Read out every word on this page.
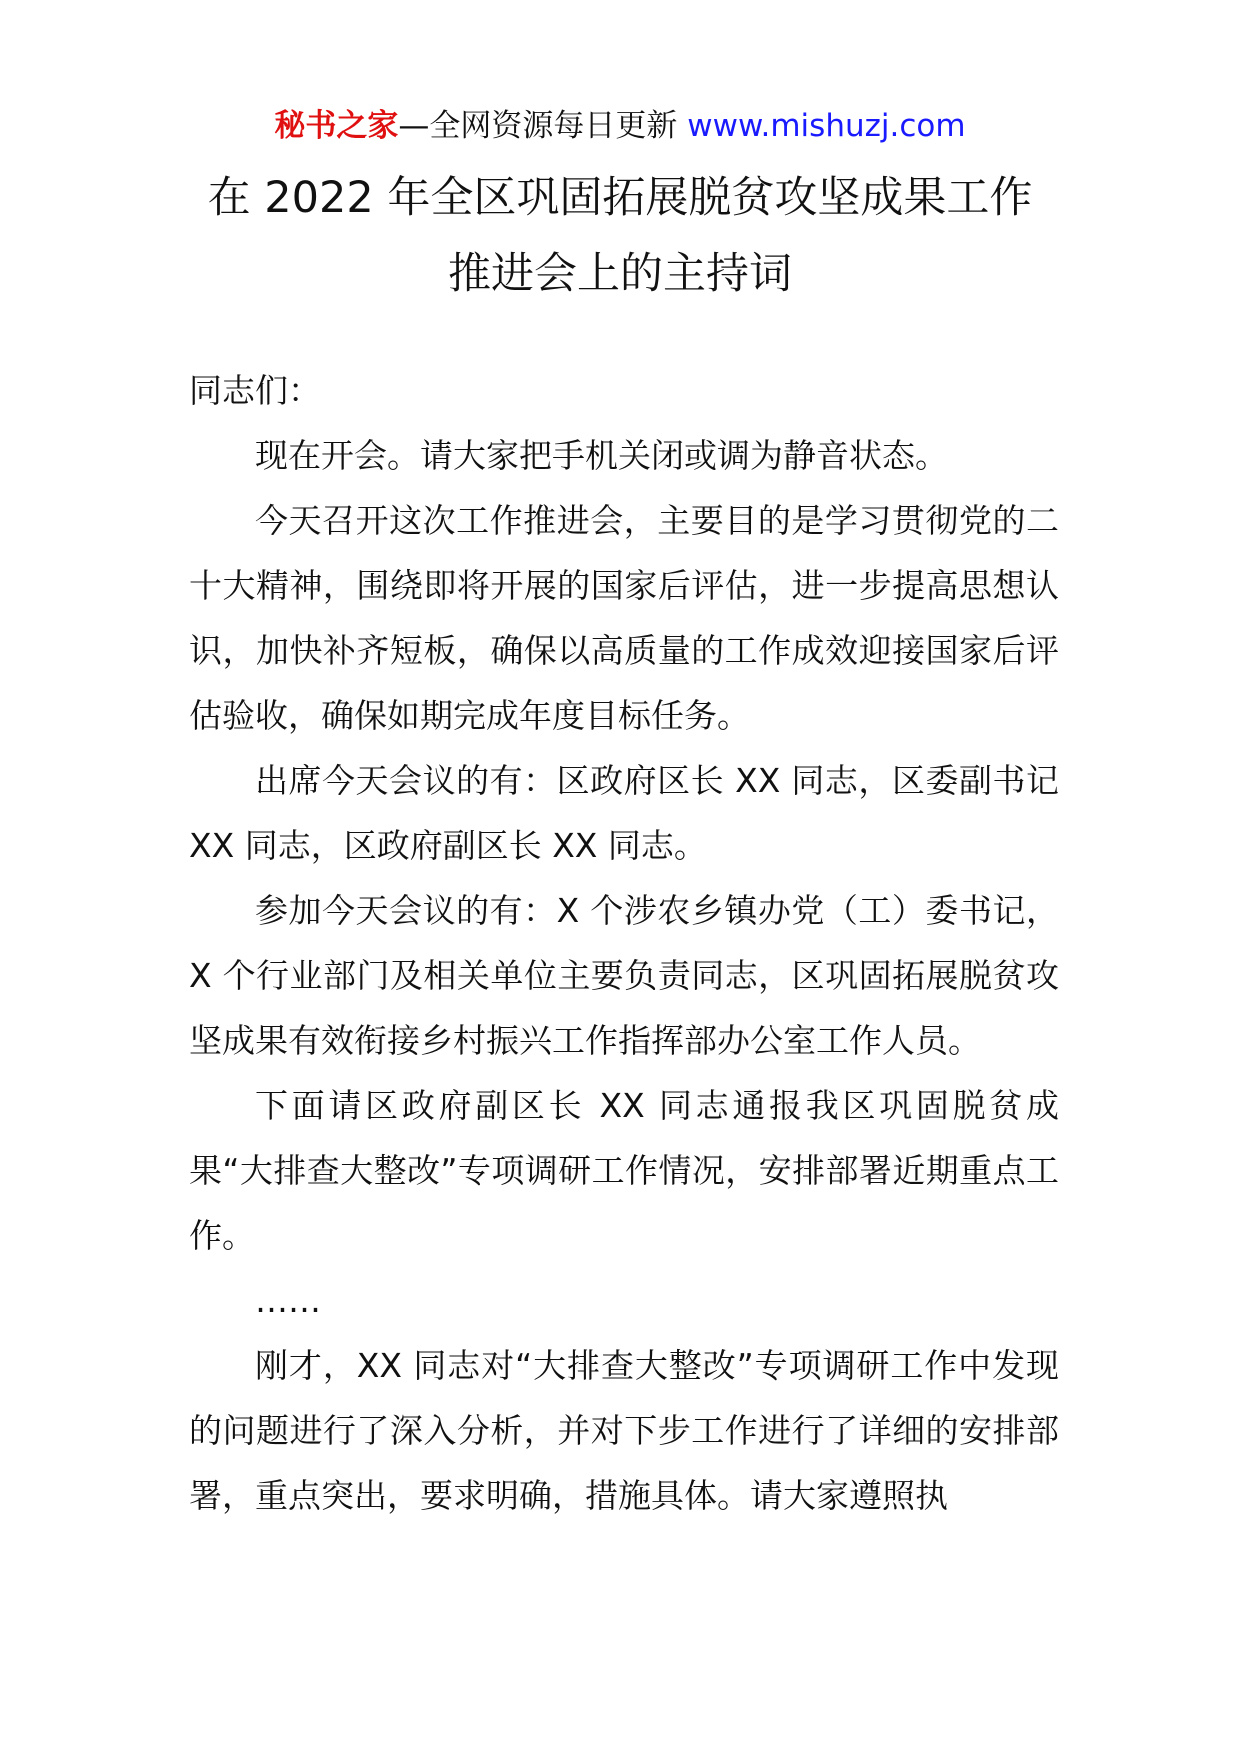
秘书之家—全网资源每日更新 www.mishuzj.com
在 2022 年全区巩固拓展脱贫攻坚成果工作
推进会上的主持词

同志们：

现在开会。请大家把手机关闭或调为静音状态。

今天召开这次工作推进会，主要目的是学习贯彻党的二十大精神，围绕即将开展的国家后评估，进一步提高思想认识，加快补齐短板，确保以高质量的工作成效迎接国家后评估验收，确保如期完成年度目标任务。

出席今天会议的有：区政府区长 XX 同志，区委副书记 XX 同志，区政府副区长 XX 同志。

参加今天会议的有：X 个涉农乡镇办党（工）委书记，X 个行业部门及相关单位主要负责同志，区巩固拓展脱贫攻坚成果有效衔接乡村振兴工作指挥部办公室工作人员。

下面请区政府副区长 XX 同志通报我区巩固脱贫成果“大排查大整改”专项调研工作情况，安排部署近期重点工作。

……

刚才，XX 同志对“大排查大整改”专项调研工作中发现的问题进行了深入分析，并对下步工作进行了详细的安排部署，重点突出，要求明确，措施具体。请大家遵照执
